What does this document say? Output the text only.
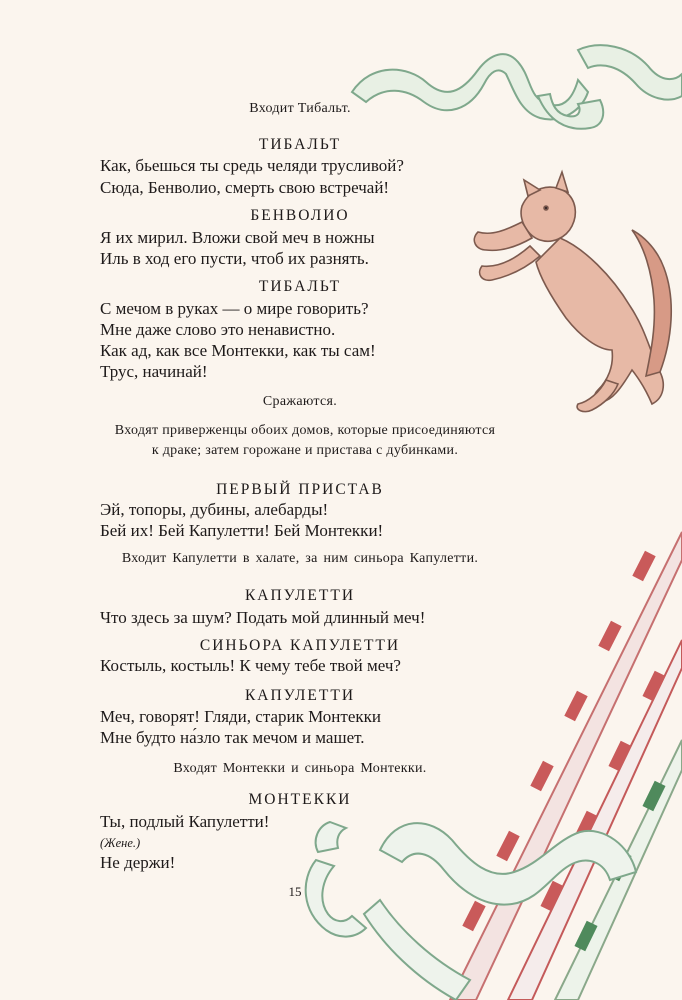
Входит Тибальт.
ТИБАЛЬТ
Как, бьешься ты средь челяди трусливой?
Сюда, Бенволио, смерть свою встречай!
БЕНВОЛИО
Я их мирил. Вложи свой меч в ножны
Иль в ход его пусти, чтоб их разнять.
ТИБАЛЬТ
С мечом в руках — о мире говорить?
Мне даже слово это ненавистно.
Как ад, как все Монтекки, как ты сам!
Трус, начинай!
Сражаются.
Входят приверженцы обоих домов, которые присоединяются
к драке; затем горожане и пристава с дубинками.
ПЕРВЫЙ ПРИСТАВ
Эй, топоры, дубины, алебарды!
Бей их! Бей Капулетти! Бей Монтекки!
Входит Капулетти в халате, за ним синьора Капулетти.
КАПУЛЕТТИ
Что здесь за шум? Подать мой длинный меч!
СИНЬОРА КАПУЛЕТТИ
Костыль, костыль! К чему тебе твой меч?
КАПУЛЕТТИ
Меч, говорят! Гляди, старик Монтекки
Мне будто на́зло так мечом и машет.
Входят Монтекки и синьора Монтекки.
МОНТЕККИ
Ты, подлый Капулетти!
(Жене.)
Не держи!
15
